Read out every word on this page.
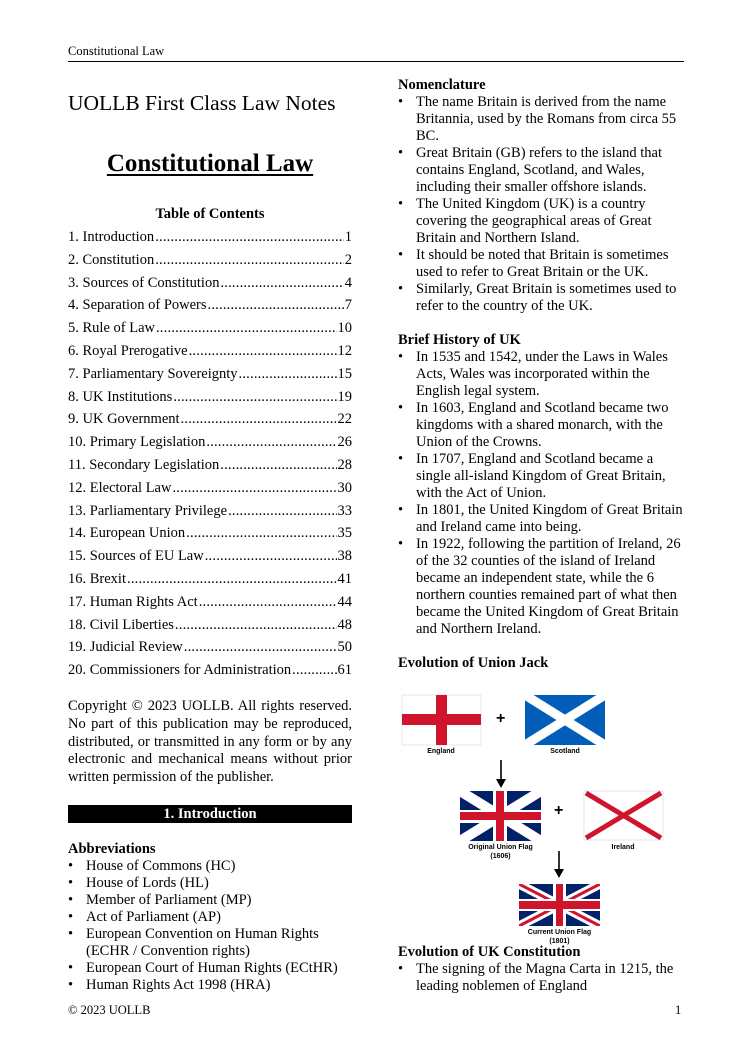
Constitutional Law
UOLLB First Class Law Notes
Constitutional Law
Table of Contents
1. Introduction .....	1
2. Constitution .....	2
3. Sources of Constitution .....	4
4. Separation of Powers .....	7
5. Rule of Law .....	10
6. Royal Prerogative .....	12
7. Parliamentary Sovereignty .....	15
8. UK Institutions .....	19
9. UK Government .....	22
10. Primary Legislation .....	26
11. Secondary Legislation .....	28
12. Electoral Law .....	30
13. Parliamentary Privilege .....	33
14. European Union .....	35
15. Sources of EU Law .....	38
16. Brexit .....	41
17. Human Rights Act .....	44
18. Civil Liberties .....	48
19. Judicial Review .....	50
20. Commissioners for Administration .....	61
Copyright © 2023 UOLLB. All rights reserved. No part of this publication may be reproduced, distributed, or transmitted in any form or by any electronic and mechanical means without prior written permission of the publisher.
1. Introduction
Abbreviations
• House of Commons (HC)
• House of Lords (HL)
• Member of Parliament (MP)
• Act of Parliament (AP)
• European Convention on Human Rights (ECHR / Convention rights)
• European Court of Human Rights (ECtHR)
• Human Rights Act 1998 (HRA)
Nomenclature
• The name Britain is derived from the name Britannia, used by the Romans from circa 55 BC.
• Great Britain (GB) refers to the island that contains England, Scotland, and Wales, including their smaller offshore islands.
• The United Kingdom (UK) is a country covering the geographical areas of Great Britain and Northern Island.
• It should be noted that Britain is sometimes used to refer to Great Britain or the UK.
• Similarly, Great Britain is sometimes used to refer to the country of the UK.
Brief History of UK
• In 1535 and 1542, under the Laws in Wales Acts, Wales was incorporated within the English legal system.
• In 1603, England and Scotland became two kingdoms with a shared monarch, with the Union of the Crowns.
• In 1707, England and Scotland became a single all-island Kingdom of Great Britain, with the Act of Union.
• In 1801, the United Kingdom of Great Britain and Ireland came into being.
• In 1922, following the partition of Ireland, 26 of the 32 counties of the island of Ireland became an independent state, while the 6 northern counties remained part of what then became the United Kingdom of Great Britain and Northern Ireland.
Evolution of Union Jack
+
+
England	Scotland
Original Union Flag
(1606)
Ireland
Current Union Flag
(1801)
Evolution of UK Constitution
• The signing of the Magna Carta in 1215, the leading noblemen of England
© 2023 UOLLB	1
